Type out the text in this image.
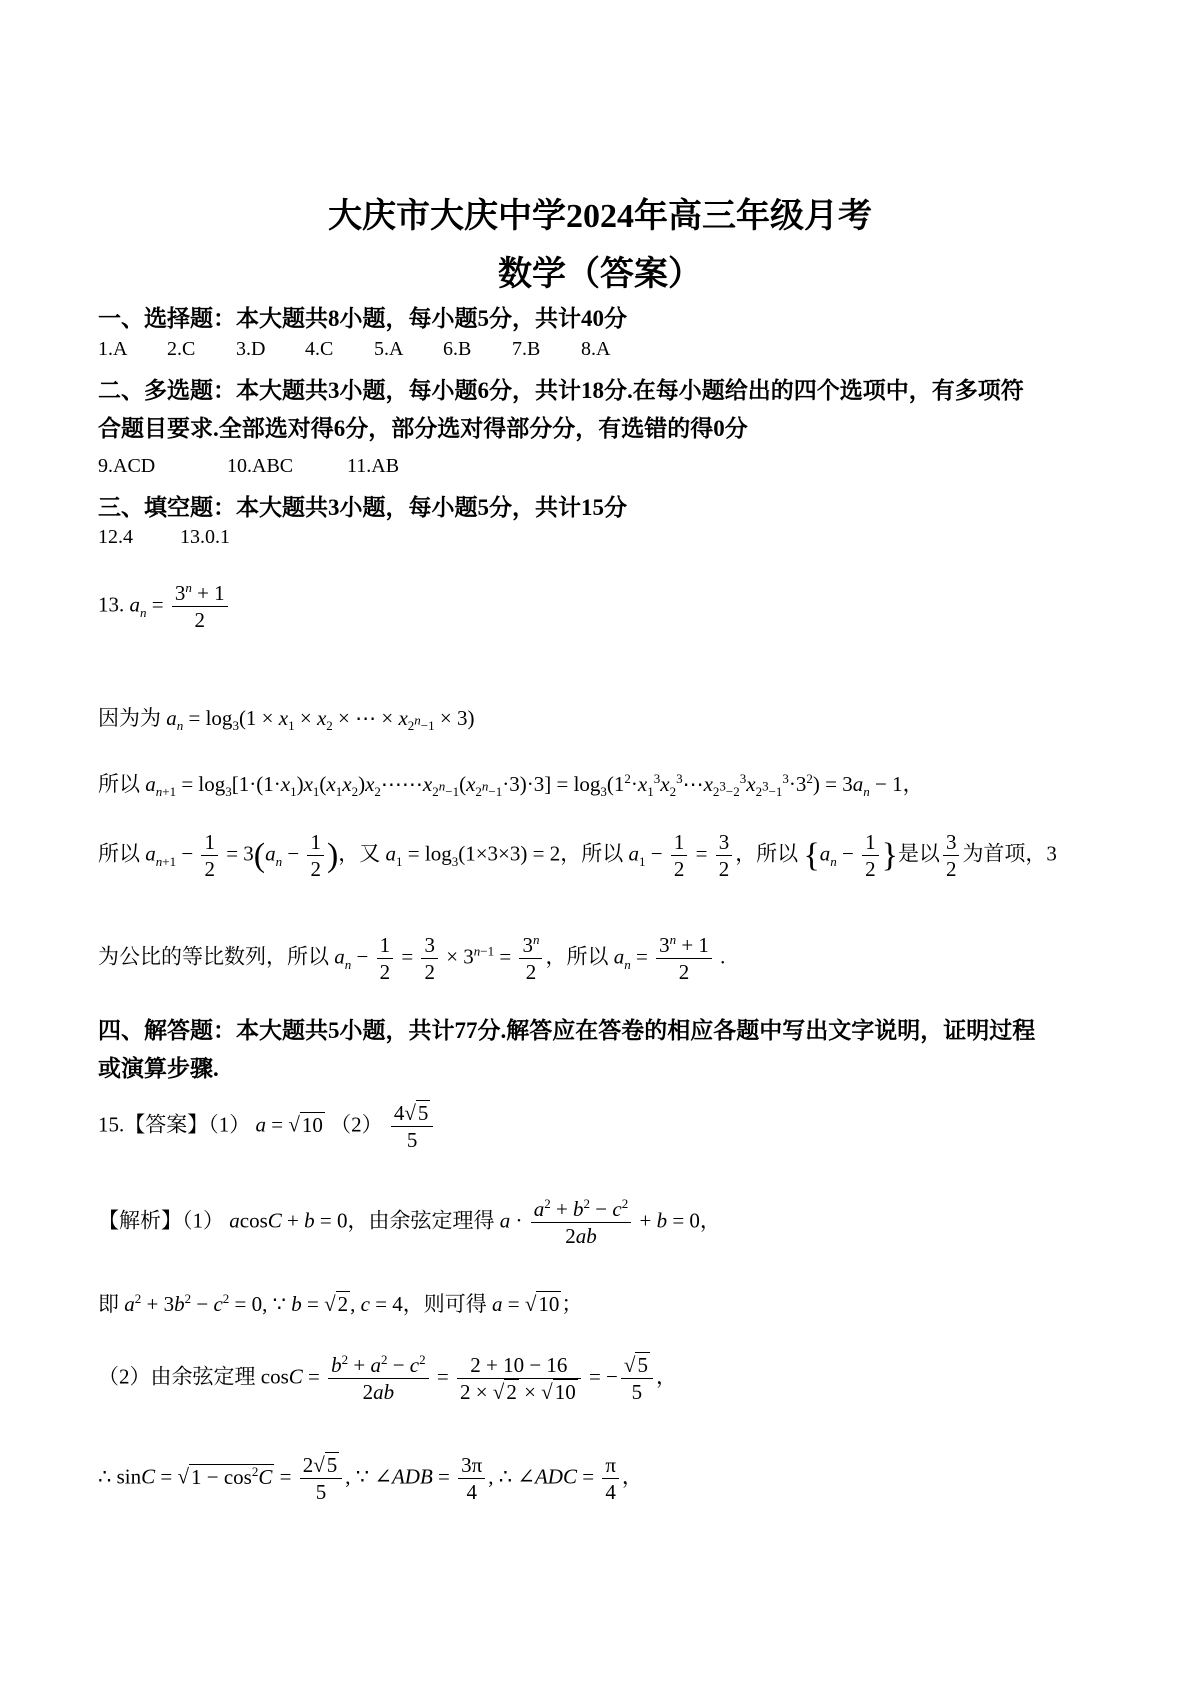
大庆市大庆中学2024年高三年级月考
数学（答案）
一、选择题：本大题共8小题，每小题5分，共计40分
1.A 2.C 3.D 4.C 5.A 6.B 7.B 8.A
二、多选题：本大题共3小题，每小题6分，共计18分.在每小题给出的四个选项中，有多项符
合题目要求.全部选对得6分，部分选对得部分分，有选错的得0分
9.ACD	10.ABC	11.AB
三、填空题：本大题共3小题，每小题5分，共计15分
12.4 13.0.1
13. $a_n = \frac{3^n + 1}{2}$
因为为 $a_n = \log_3(1 \times x_1 \times x_2$ × ⋯ × $x_{2^n-1} \times 3$)
所以 $a_{n+1}$ = $\log_3[1\cdot(1\cdot x_1)x_1(x_1x_2)x_2\cdots\cdots x_{2^n-1}(x_{2^n-1}\cdot 3)\cdot 3]$ = $\log_3(1^2\cdot x_1^3x_2^3\cdots x_{2^3-2}^3x_{2^3-1}^3\cdot 3^2) = 3a_n - 1$，
所以 $a_{n+1} - \frac{1}{2} = 3(a_n - \frac{1}{2}$ )，又 $a_1 = \log_3(1\times 3\times 3) = 2$，所以 $a_1 - \frac{1}{2} = \frac{3}{2}$ ，所以 {$a_n - \frac{1}{2}$ }是以 $\frac{3}{2}$ 为首项，3
为公比的等比数列，所以 $a_n - \frac{1}{2} = \frac{3}{2} \times 3^{n-1} = \frac{3^n}{2}$ ，所以 $a_n = \frac{3^n + 1}{2}$ .
四、解答题：本大题共5小题，共计77分.解答应在答卷的相应各题中写出文字说明，证明过程
或演算步骤.
15.【答案】（1） a = √10 $(2) \frac{4√5}{5}$
【解析】（1） acosC + b = 0，由余弦定理得 $a \cdot \frac{a^2 + b^2 - c^2}{2ab} + b = 0$，
即 $a^2 + 3b^2 - c^2 = 0$, ∵ b = √2, c = 4，则可得 a = √10；
（2）由余弦定理 $\cos C = \frac{b^2 + a^2 - c^2}{2ab} = \frac{2 + 10 - 16}{2 \times √2 \times √10}$ = − $\frac{√5}{5}$ ，
∴ $\sin C = √1 - \cos^2C = \frac{2√5}{5}$ , ∵ ∠ADB = $\frac{3\pi}{4}$ , ∴ ∠ADC = $\frac{\pi}{4}$ ，
